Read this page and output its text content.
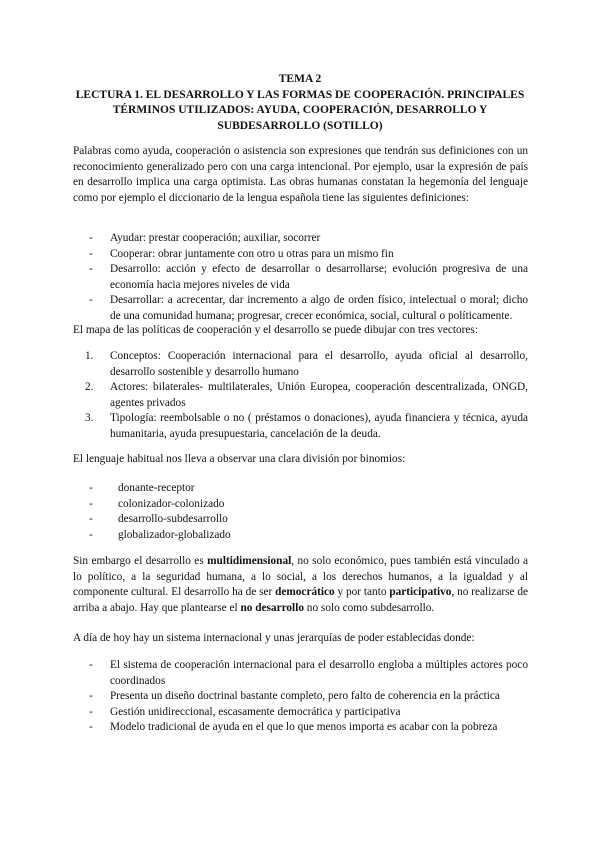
TEMA 2
LECTURA 1. EL DESARROLLO Y LAS FORMAS DE COOPERACIÓN. PRINCIPALES
TÉRMINOS UTILIZADOS: AYUDA, COOPERACIÓN, DESARROLLO Y
SUBDESARROLLO (SOTILLO)

Palabras como ayuda, cooperación o asistencia son expresiones que tendrán sus definiciones con un reconocimiento generalizado pero con una carga intencional. Por ejemplo, usar la expresión de país en desarrollo implica una carga optimista. Las obras humanas constatan la hegemonía del lenguaje como por ejemplo el diccionario de la lengua española tiene las siguientes definiciones:

- Ayudar: prestar cooperación; auxiliar, socorrer
- Cooperar: obrar juntamente con otro u otras para un mismo fin
- Desarrollo: acción y efecto de desarrollar o desarrollarse; evolución progresiva de una economía hacia mejores niveles de vida
- Desarrollar: a acrecentar, dar incremento a algo de orden físico, intelectual o moral; dicho de una comunidad humana; progresar, crecer económica, social, cultural o políticamente.

El mapa de las políticas de cooperación y el desarrollo se puede dibujar con tres vectores:

1. Conceptos: Cooperación internacional para el desarrollo, ayuda oficial al desarrollo, desarrollo sostenible y desarrollo humano
2. Actores: bilaterales- multilaterales, Unión Europea, cooperación descentralizada, ONGD, agentes privados
3. Tipología: reembolsable o no ( préstamos o donaciones), ayuda financiera y técnica, ayuda humanitaria, ayuda presupuestaria, cancelación de la deuda.

El lenguaje habitual nos lleva a observar una clara división por binomios:

- donante-receptor
- colonizador-colonizado
- desarrollo-subdesarrollo
- globalizador-globalizado

Sin embargo el desarrollo es multidimensional, no solo económico, pues también está vinculado a lo político, a la seguridad humana, a lo social, a los derechos humanos, a la igualdad y al componente cultural. El desarrollo ha de ser democrático y por tanto participativo, no realizarse de arriba a abajo. Hay que plantearse el no desarrollo no solo como subdesarrollo.

A día de hoy hay un sistema internacional y unas jerarquías de poder establecidas donde:

- El sistema de cooperación internacional para el desarrollo engloba a múltiples actores poco coordinados
- Presenta un diseño doctrinal bastante completo, pero falto de coherencia en la práctica
- Gestión unidireccional, escasamente democrática y participativa
- Modelo tradicional de ayuda en el que lo que menos importa es acabar con la pobreza
